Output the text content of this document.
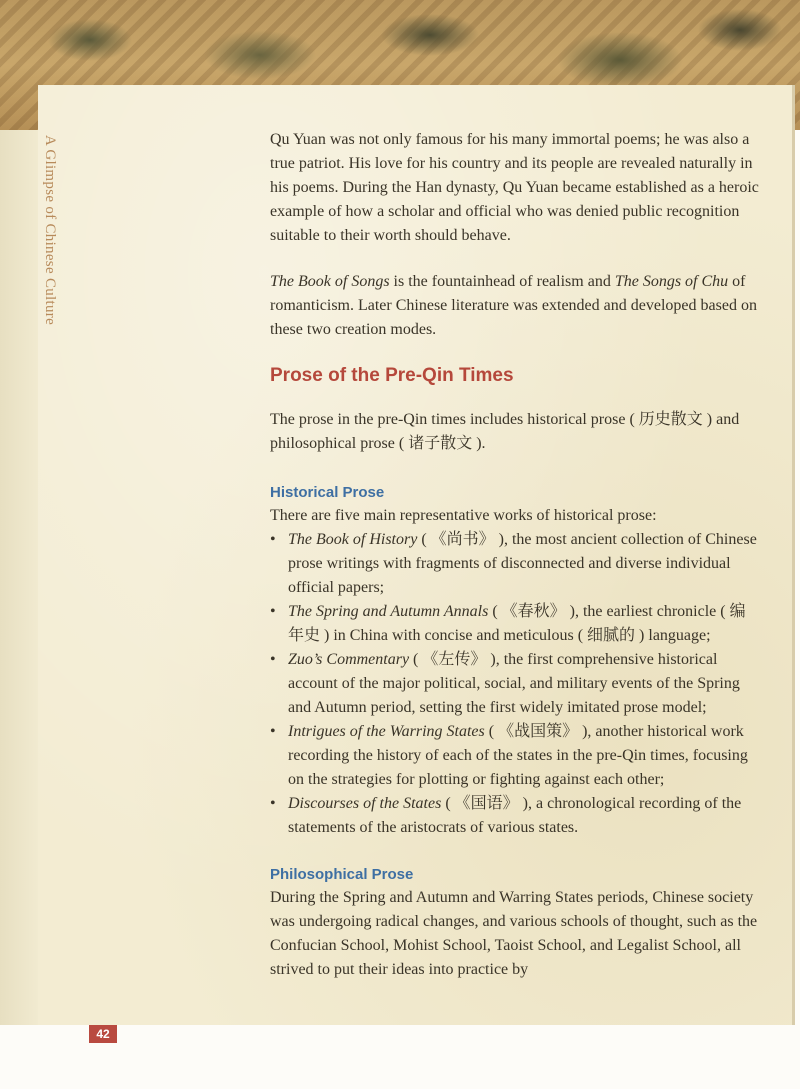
A Glimpse of Chinese Culture	Qu Yuan was not only famous for his many immortal poems; he was also a true patriot. His love for his country and its people are revealed naturally in his poems. During the Han dynasty, Qu Yuan became established as a heroic example of how a scholar and official who was denied public recognition suitable to their worth should behave.

The Book of Songs is the fountainhead of realism and The Songs of Chu of romanticism. Later Chinese literature was extended and developed based on these two creation modes.

Prose of the Pre-Qin Times

The prose in the pre-Qin times includes historical prose ( 历史散文 ) and philosophical prose ( 诸子散文 ).

Historical Prose

There are five main representative works of historical prose:

• The Book of History ( 《尚书》 ), the most ancient collection of Chinese prose writings with fragments of disconnected and diverse individual official papers;
• The Spring and Autumn Annals ( 《春秋》 ), the earliest chronicle ( 编年史 ) in China with concise and meticulous ( 细腻的 ) language;
• Zuo’s Commentary ( 《左传》 ), the first comprehensive historical account of the major political, social, and military events of the Spring and Autumn period, setting the first widely imitated prose model;
• Intrigues of the Warring States ( 《战国策》 ), another historical work recording the history of each of the states in the pre-Qin times, focusing on the strategies for plotting or fighting against each other;
• Discourses of the States ( 《国语》 ), a chronological recording of the statements of the aristocrats of various states.
Philosophical Prose

During the Spring and Autumn and Warring States periods, Chinese society was undergoing radical changes, and various schools of thought, such as the Confucian School, Mohist School, Taoist School, and Legalist School, all strived to put their ideas into practice by

42
